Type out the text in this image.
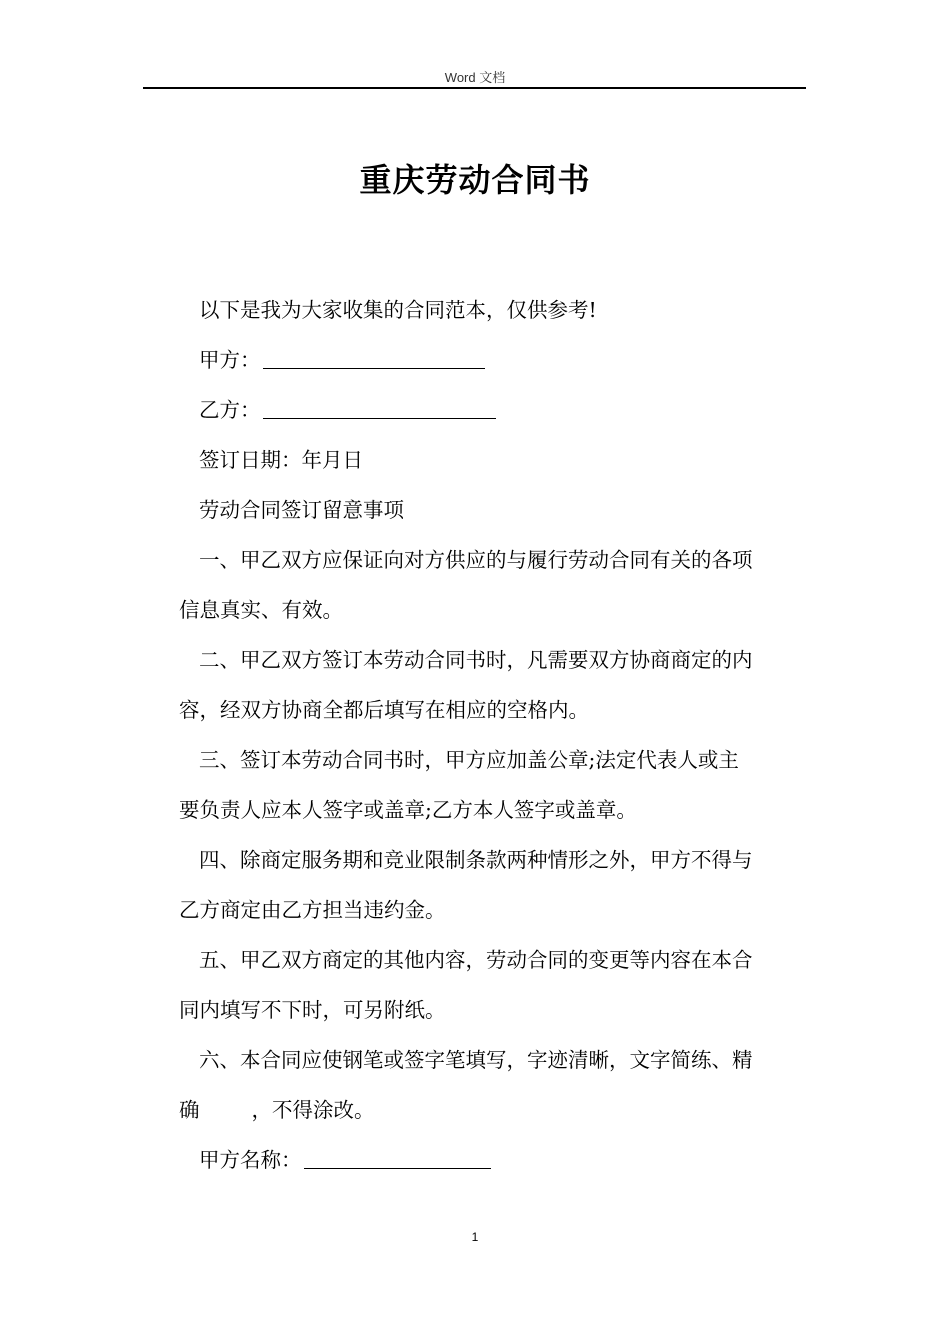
Word 文档
重庆劳动合同书
以下是我为大家收集的合同范本，仅供参考!
甲方：
乙方：
签订日期：年月日
劳动合同签订留意事项
一、甲乙双方应保证向对方供应的与履行劳动合同有关的各项
信息真实、有效。
二、甲乙双方签订本劳动合同书时，凡需要双方协商商定的内
容，经双方协商全都后填写在相应的空格内。
三、签订本劳动合同书时，甲方应加盖公章;法定代表人或主
要负责人应本人签字或盖章;乙方本人签字或盖章。
四、除商定服务期和竞业限制条款两种情形之外，甲方不得与
乙方商定由乙方担当违约金。
五、甲乙双方商定的其他内容，劳动合同的变更等内容在本合
同内填写不下时，可另附纸。
六、本合同应使钢笔或签字笔填写，字迹清晰，文字简练、精
确	，不得涂改。
甲方名称：
1
